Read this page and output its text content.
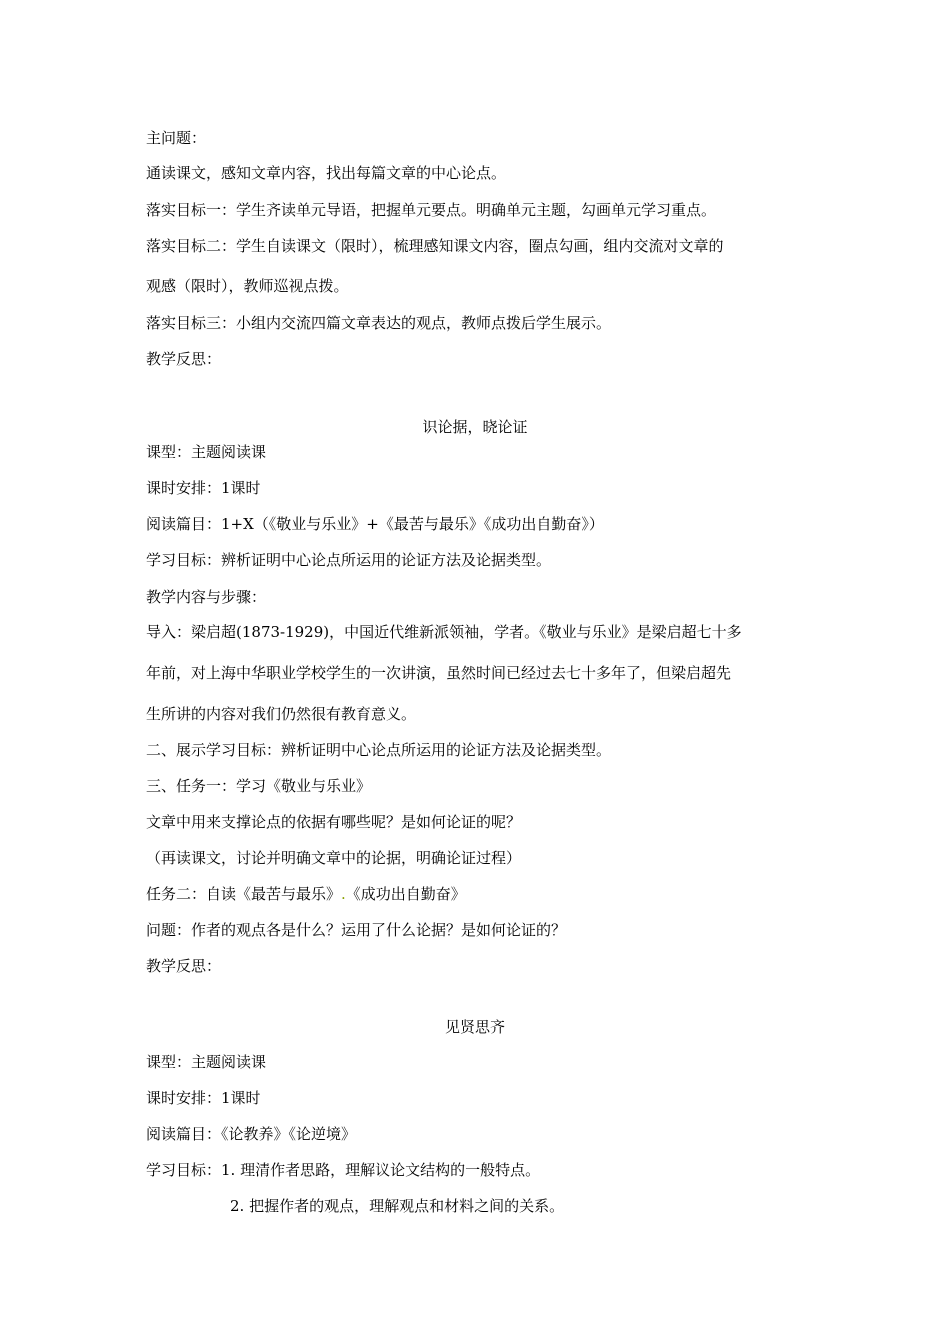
主问题：
通读课文，感知文章内容，找出每篇文章的中心论点。
落实目标一：学生齐读单元导语，把握单元要点。明确单元主题，勾画单元学习重点。
落实目标二：学生自读课文（限时），梳理感知课文内容，圈点勾画，组内交流对文章的
观感（限时），教师巡视点拨。
落实目标三：小组内交流四篇文章表达的观点，教师点拨后学生展示。
教学反思：
识论据，晓论证
课型：主题阅读课
课时安排：1课时
阅读篇目：1+X（《敬业与乐业》+《最苦与最乐》《成功出自勤奋》）
学习目标：辨析证明中心论点所运用的论证方法及论据类型。
教学内容与步骤：
导入：梁启超(1873-1929)，中国近代维新派领袖，学者。《敬业与乐业》是梁启超七十多
年前，对上海中华职业学校学生的一次讲演，虽然时间已经过去七十多年了，但梁启超先
生所讲的内容对我们仍然很有教育意义。
二、展示学习目标：辨析证明中心论点所运用的论证方法及论据类型。
三、任务一：学习《敬业与乐业》
文章中用来支撑论点的依据有哪些呢？是如何论证的呢？
（再读课文，讨论并明确文章中的论据，明确论证过程）
任务二：自读《最苦与最乐》.《成功出自勤奋》
问题：作者的观点各是什么？运用了什么论据？是如何论证的？
教学反思：
见贤思齐
课型：主题阅读课
课时安排：1课时
阅读篇目：《论教养》《论逆境》
学习目标：1. 理清作者思路，理解议论文结构的一般特点。
2. 把握作者的观点，理解观点和材料之间的关系。
